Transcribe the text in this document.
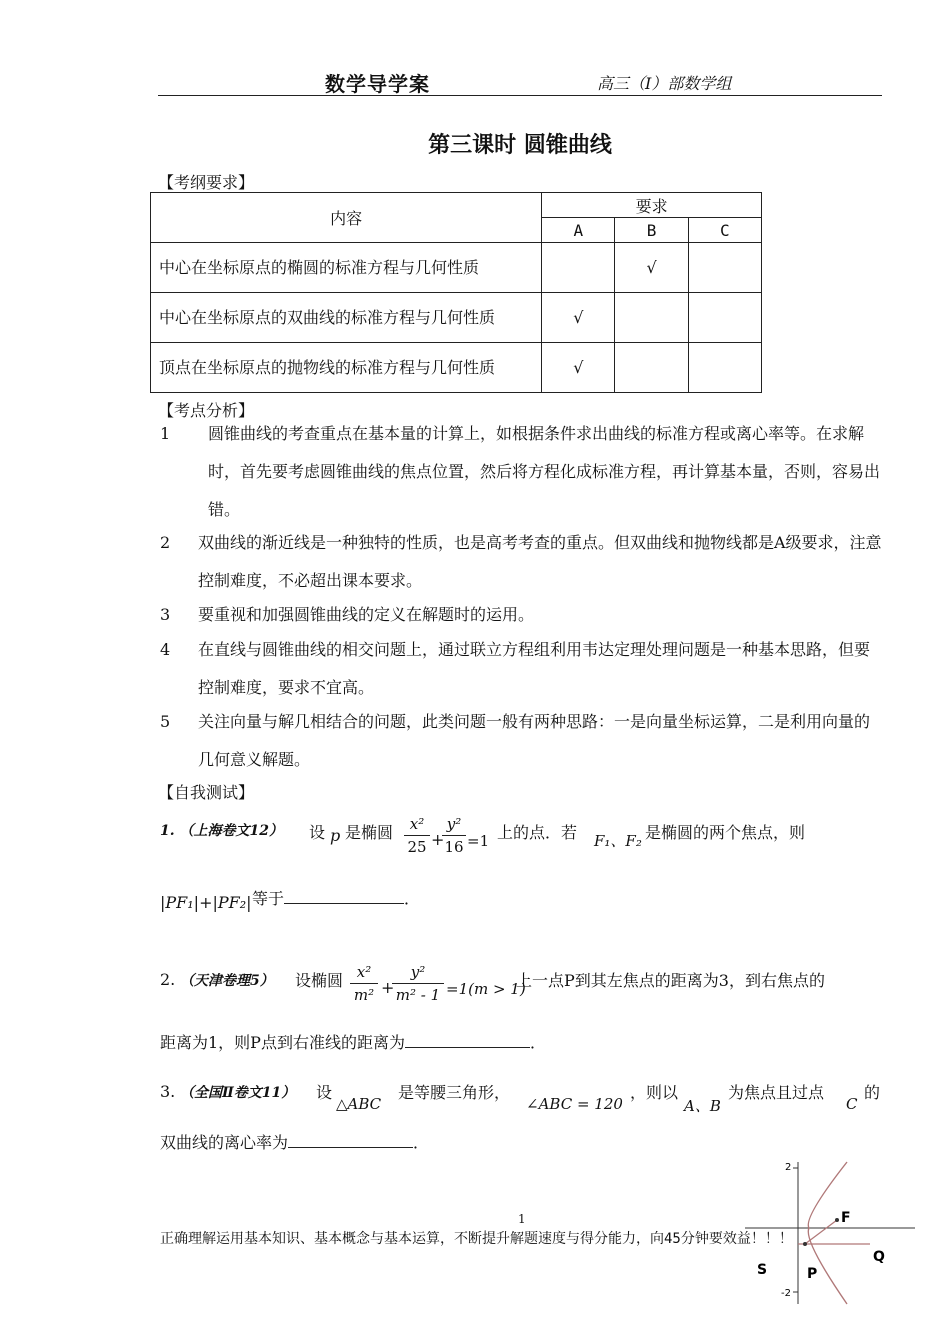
数学导学案	高三（Ⅰ）部数学组
第三课时 圆锥曲线
【考纲要求】
内容	要求		
	A	B	C
中心在坐标原点的椭圆的标准方程与几何性质		√	
中心在坐标原点的双曲线的标准方程与几何性质	√		
顶点在坐标原点的抛物线的标准方程与几何性质	√		
【考点分析】
1 圆锥曲线的考查重点在基本量的计算上，如根据条件求出曲线的标准方程或离心率等。在求解时，首先要考虑圆锥曲线的焦点位置，然后将方程化成标准方程，再计算基本量，否则，容易出错。
2 双曲线的渐近线是一种独特的性质，也是高考考查的重点。但双曲线和抛物线都是A级要求，注意控制难度，不必超出课本要求。
3 要重视和加强圆锥曲线的定义在解题时的运用。
4 在直线与圆锥曲线的相交问题上，通过联立方程组利用韦达定理处理问题是一种基本思路，但要控制难度，要求不宜高。
5 关注向量与解几相结合的问题，此类问题一般有两种思路：一是向量坐标运算，二是利用向量的几何意义解题。
【自我测试】
1. （上海卷文12） 设 p 是椭圆	x²
25 +
y²
16 =1 上的点．若 F₁、F₂ 是椭圆的两个焦点，则
|PF₁|+|PF₂| 等于	．
2. （天津卷理5） 设椭圆 x²
m² +
y²
m² - 1 =1(m > 1)
上一点P到其左焦点的距离为3，到右焦点的
距离为1，则P点到右准线的距离为	．
3. （全国Ⅱ卷文11） 设
△ABC
是等腰三角形，
∠ABC = 120
，则以
A、B
为焦点且过点
C
的
双曲线的离心率为	．
2
-2
F
S	P
Q
1
正确理解运用基本知识、基本概念与基本运算，不断提升解题速度与得分能力，向45分钟要效益！！！
